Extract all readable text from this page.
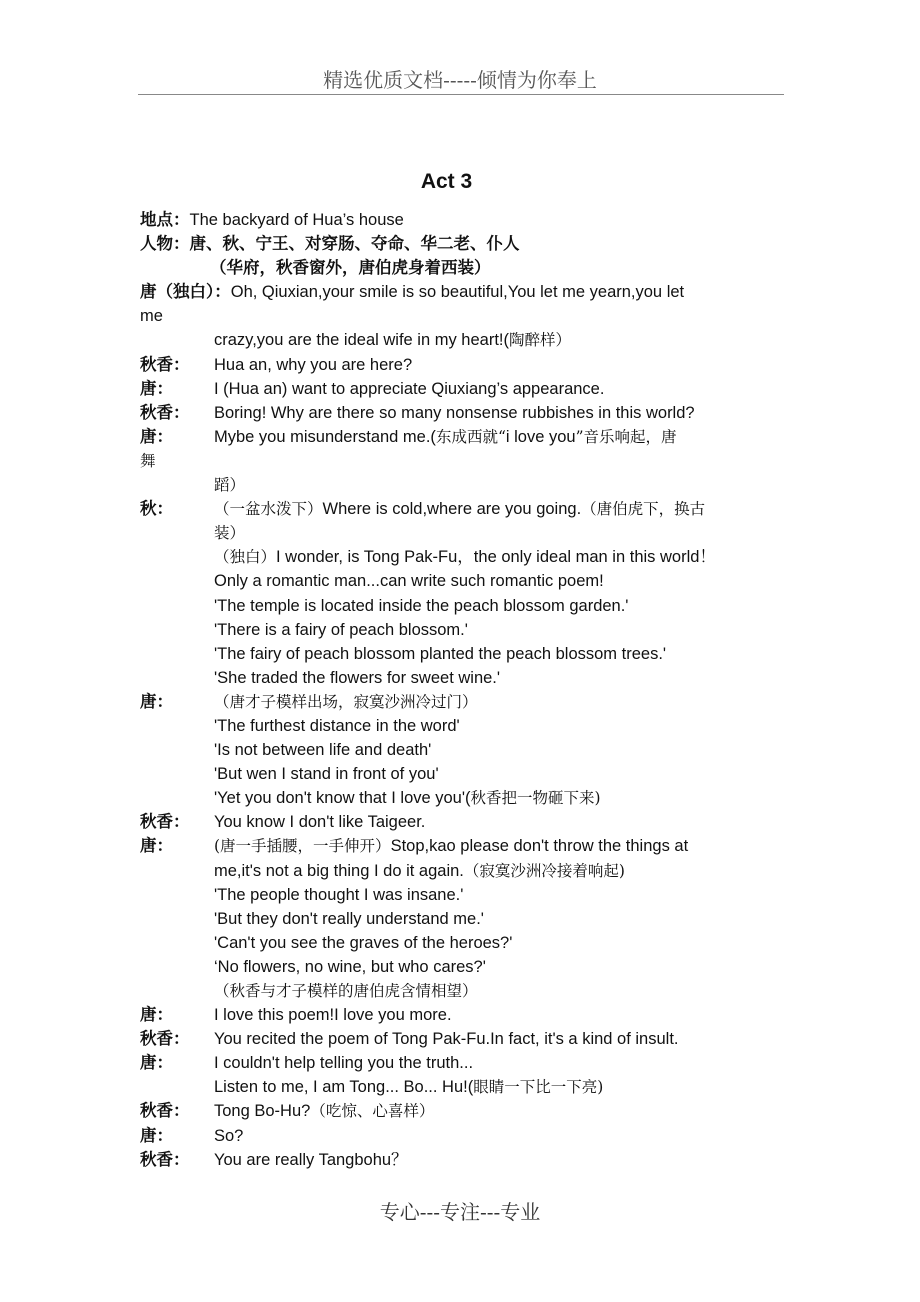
精选优质文档-----倾情为你奉上
Act 3
地点：The backyard of Hua’s house
人物：唐、秋、宁王、对穿肠、夺命、华二老、仆人
（华府，秋香窗外，唐伯虎身着西装）
唐（独白）：Oh, Qiuxian,your smile is so beautiful,You let me yearn,you let
me
crazy,you are the ideal wife in my heart!(陶醉样）
秋香： Hua an, why you are here?
唐： I (Hua an) want to appreciate Qiuxiang’s appearance.
秋香： Boring! Why are there so many nonsense rubbishes in this world?
唐： Mybe you misunderstand me.(东成西就“i love you”音乐响起，唐
舞
蹈）
秋：	（一盆水泼下）Where is cold,where are you going.（唐伯虎下，换古
装）
（独白）I wonder, is Tong Pak-Fu，the only ideal man in this world！
Only a romantic man...can write such romantic poem!
'The temple is located inside the peach blossom garden.'
'There is a fairy of peach blossom.'
'The fairy of peach blossom planted the peach blossom trees.'
'She traded the flowers for sweet wine.'
唐：	（唐才子模样出场，寂寞沙洲冷过门）
'The furthest distance in the word'
'Is not between life and death'
'But wen I stand in front of you'
'Yet you don't know that I love you'(秋香把一物砸下来)
秋香： You know I don't like Taigeer.
唐：	(唐一手插腰，一手伸开）Stop,kao please don't throw the things at
me,it's not a big thing I do it again.（寂寞沙洲冷接着响起)
'The people thought I was insane.'
'But they don't really understand me.'
'Can't you see the graves of the heroes?'
‘No flowers, no wine, but who cares?'
（秋香与才子模样的唐伯虎含情相望）
唐： I love this poem!I love you more.
秋香： You recited the poem of Tong Pak-Fu.In fact, it's a kind of insult.
唐： I couldn't help telling you the truth...
Listen to me, I am Tong... Bo... Hu!(眼睛一下比一下亮)
秋香： Tong Bo-Hu?（吃惊、心喜样）
唐： So?
秋香： You are really Tangbohu？
专心---专注---专业
